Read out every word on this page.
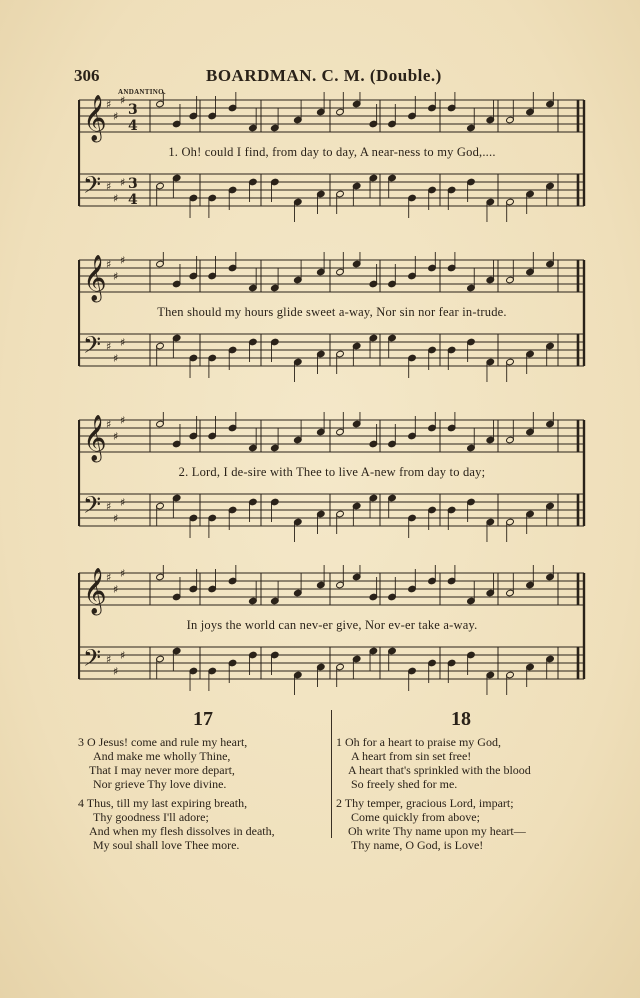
306	BOARDMAN. C. M. (Double.)
ANDANTINO.
𝄞 ♯
♯
♯
𝄢 ♯
♯
♯
3
4
3
4
1. Oh! could I find, from day to day, A near-ness to my God,....
𝄞 ♯
♯
♯
𝄢 ♯
♯
♯
Then should my hours glide sweet a-way, Nor sin nor fear in-trude.
𝄞 ♯
♯
♯
𝄢 ♯
♯
♯
2. Lord, I de-sire with Thee to live A-new from day to day;
𝄞 ♯
♯
♯
𝄢 ♯
♯
♯
In joys the world can nev-er give, Nor ev-er take a-way.
17
3 O Jesus! come and rule my heart,
And make me wholly Thine,
That I may never more depart,
Nor grieve Thy love divine.
4 Thus, till my last expiring breath,
Thy goodness I'll adore;
And when my flesh dissolves in death,
My soul shall love Thee more.
18
1 Oh for a heart to praise my God,
A heart from sin set free!
A heart that's sprinkled with the blood
So freely shed for me.
2 Thy temper, gracious Lord, impart;
Come quickly from above;
Oh write Thy name upon my heart—
Thy name, O God, is Love!
